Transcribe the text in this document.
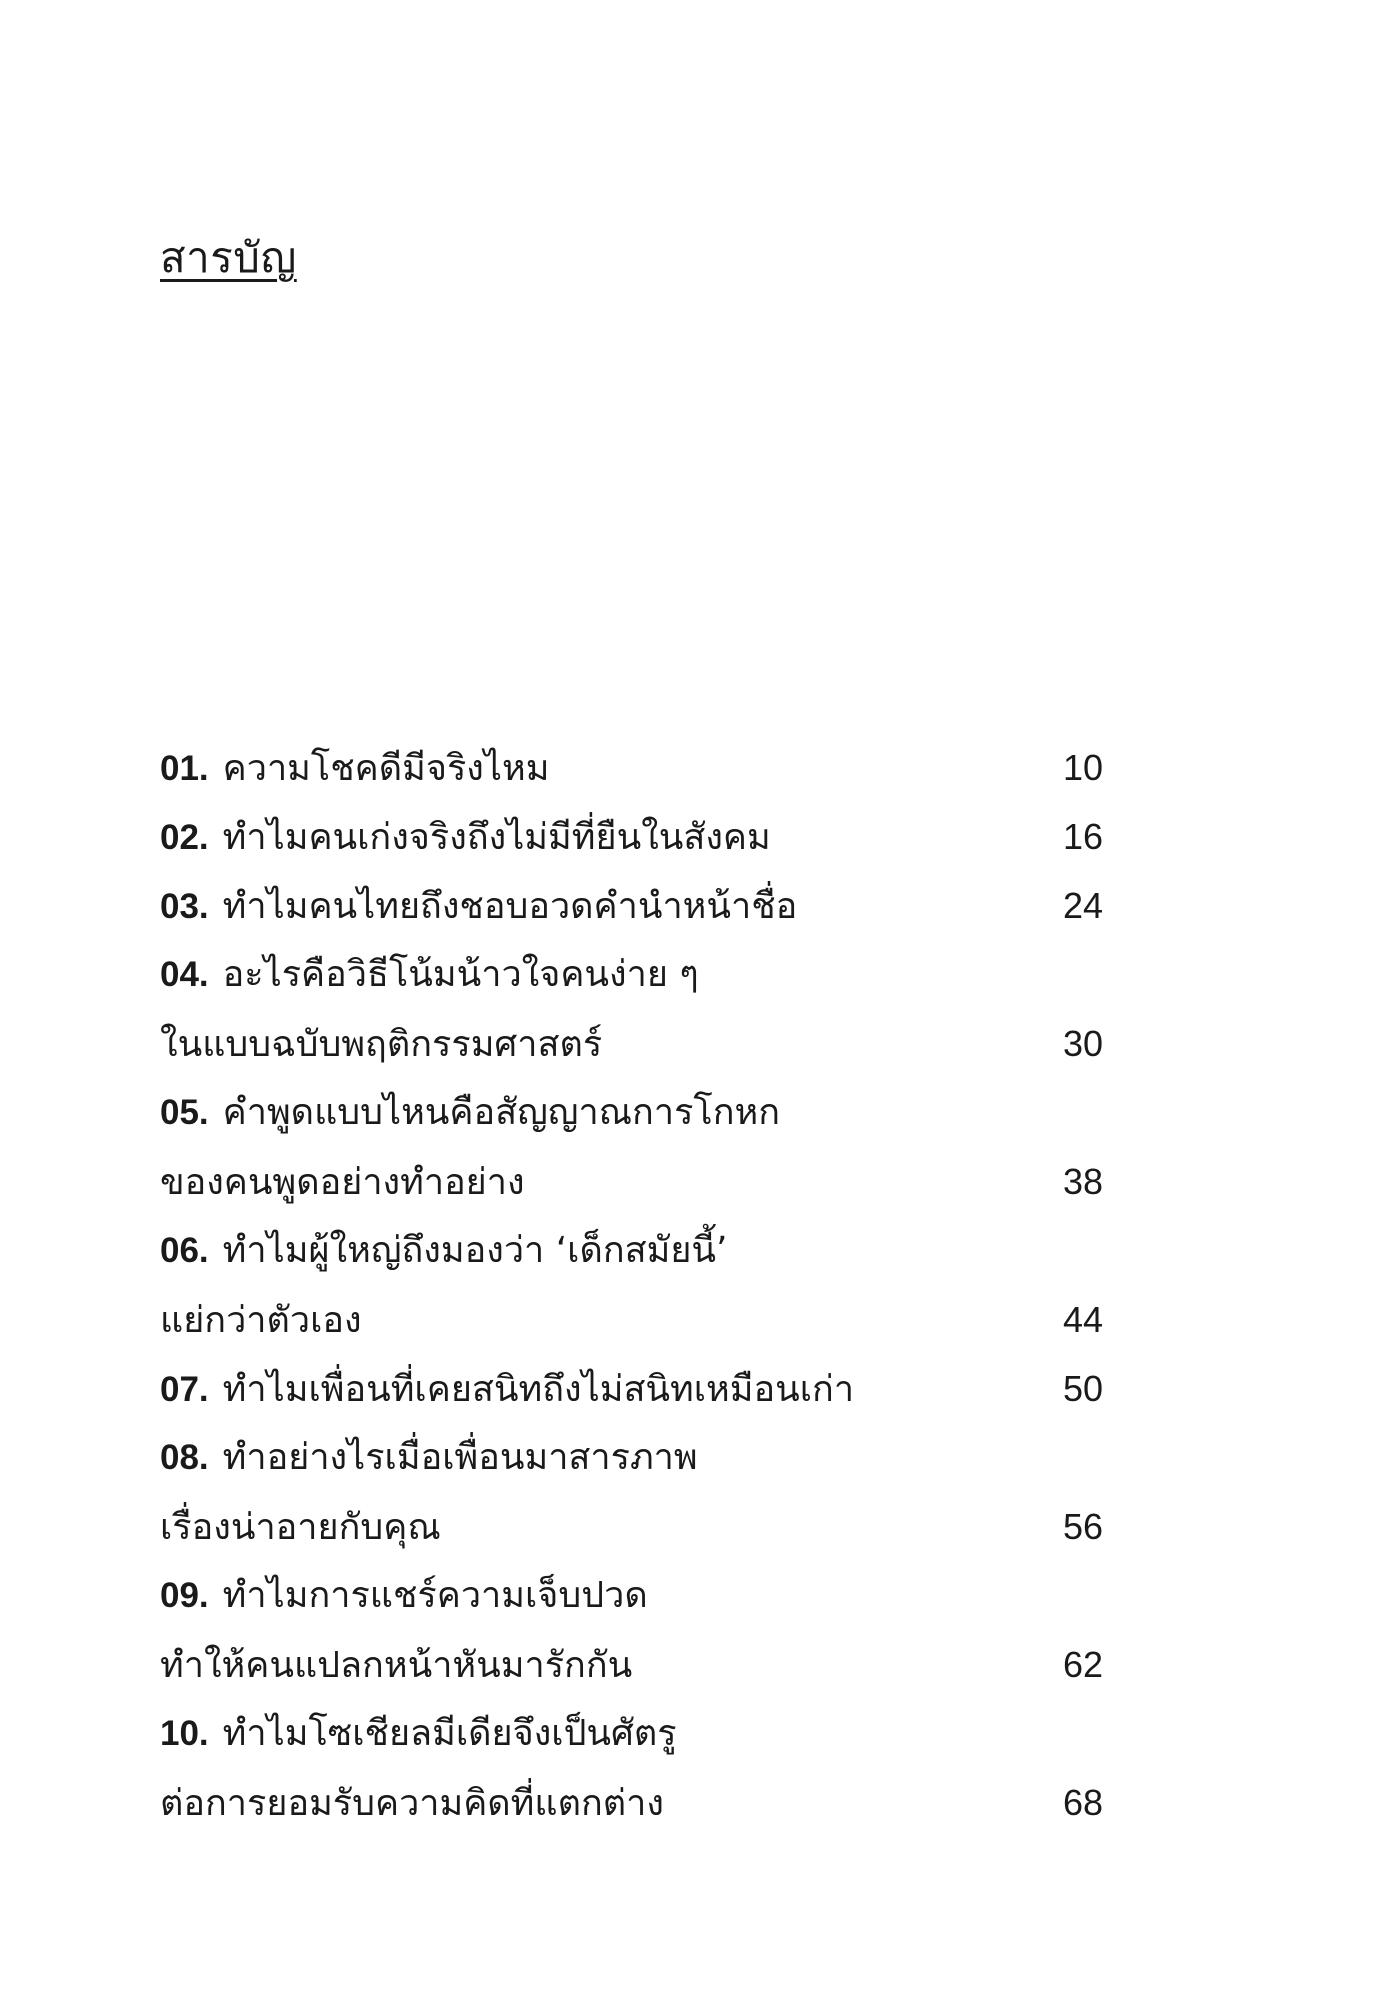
สารบัญ
01. ความโชคดีมีจริงไหม	10
02. ทำไมคนเก่งจริงถึงไม่มีที่ยืนในสังคม	16
03. ทำไมคนไทยถึงชอบอวดคำนำหน้าชื่อ	24
04. อะไรคือวิธีโน้มน้าวใจคนง่าย ๆ
ในแบบฉบับพฤติกรรมศาสตร์	30
05. คำพูดแบบไหนคือสัญญาณการโกหก
ของคนพูดอย่างทำอย่าง	38
06. ทำไมผู้ใหญ่ถึงมองว่า ‘เด็กสมัยนี้’
แย่กว่าตัวเอง	44
07. ทำไมเพื่อนที่เคยสนิทถึงไม่สนิทเหมือนเก่า	50
08. ทำอย่างไรเมื่อเพื่อนมาสารภาพ
เรื่องน่าอายกับคุณ	56
09. ทำไมการแชร์ความเจ็บปวด
ทำให้คนแปลกหน้าหันมารักกัน	62
10. ทำไมโซเชียลมีเดียจึงเป็นศัตรู
ต่อการยอมรับความคิดที่แตกต่าง	68
